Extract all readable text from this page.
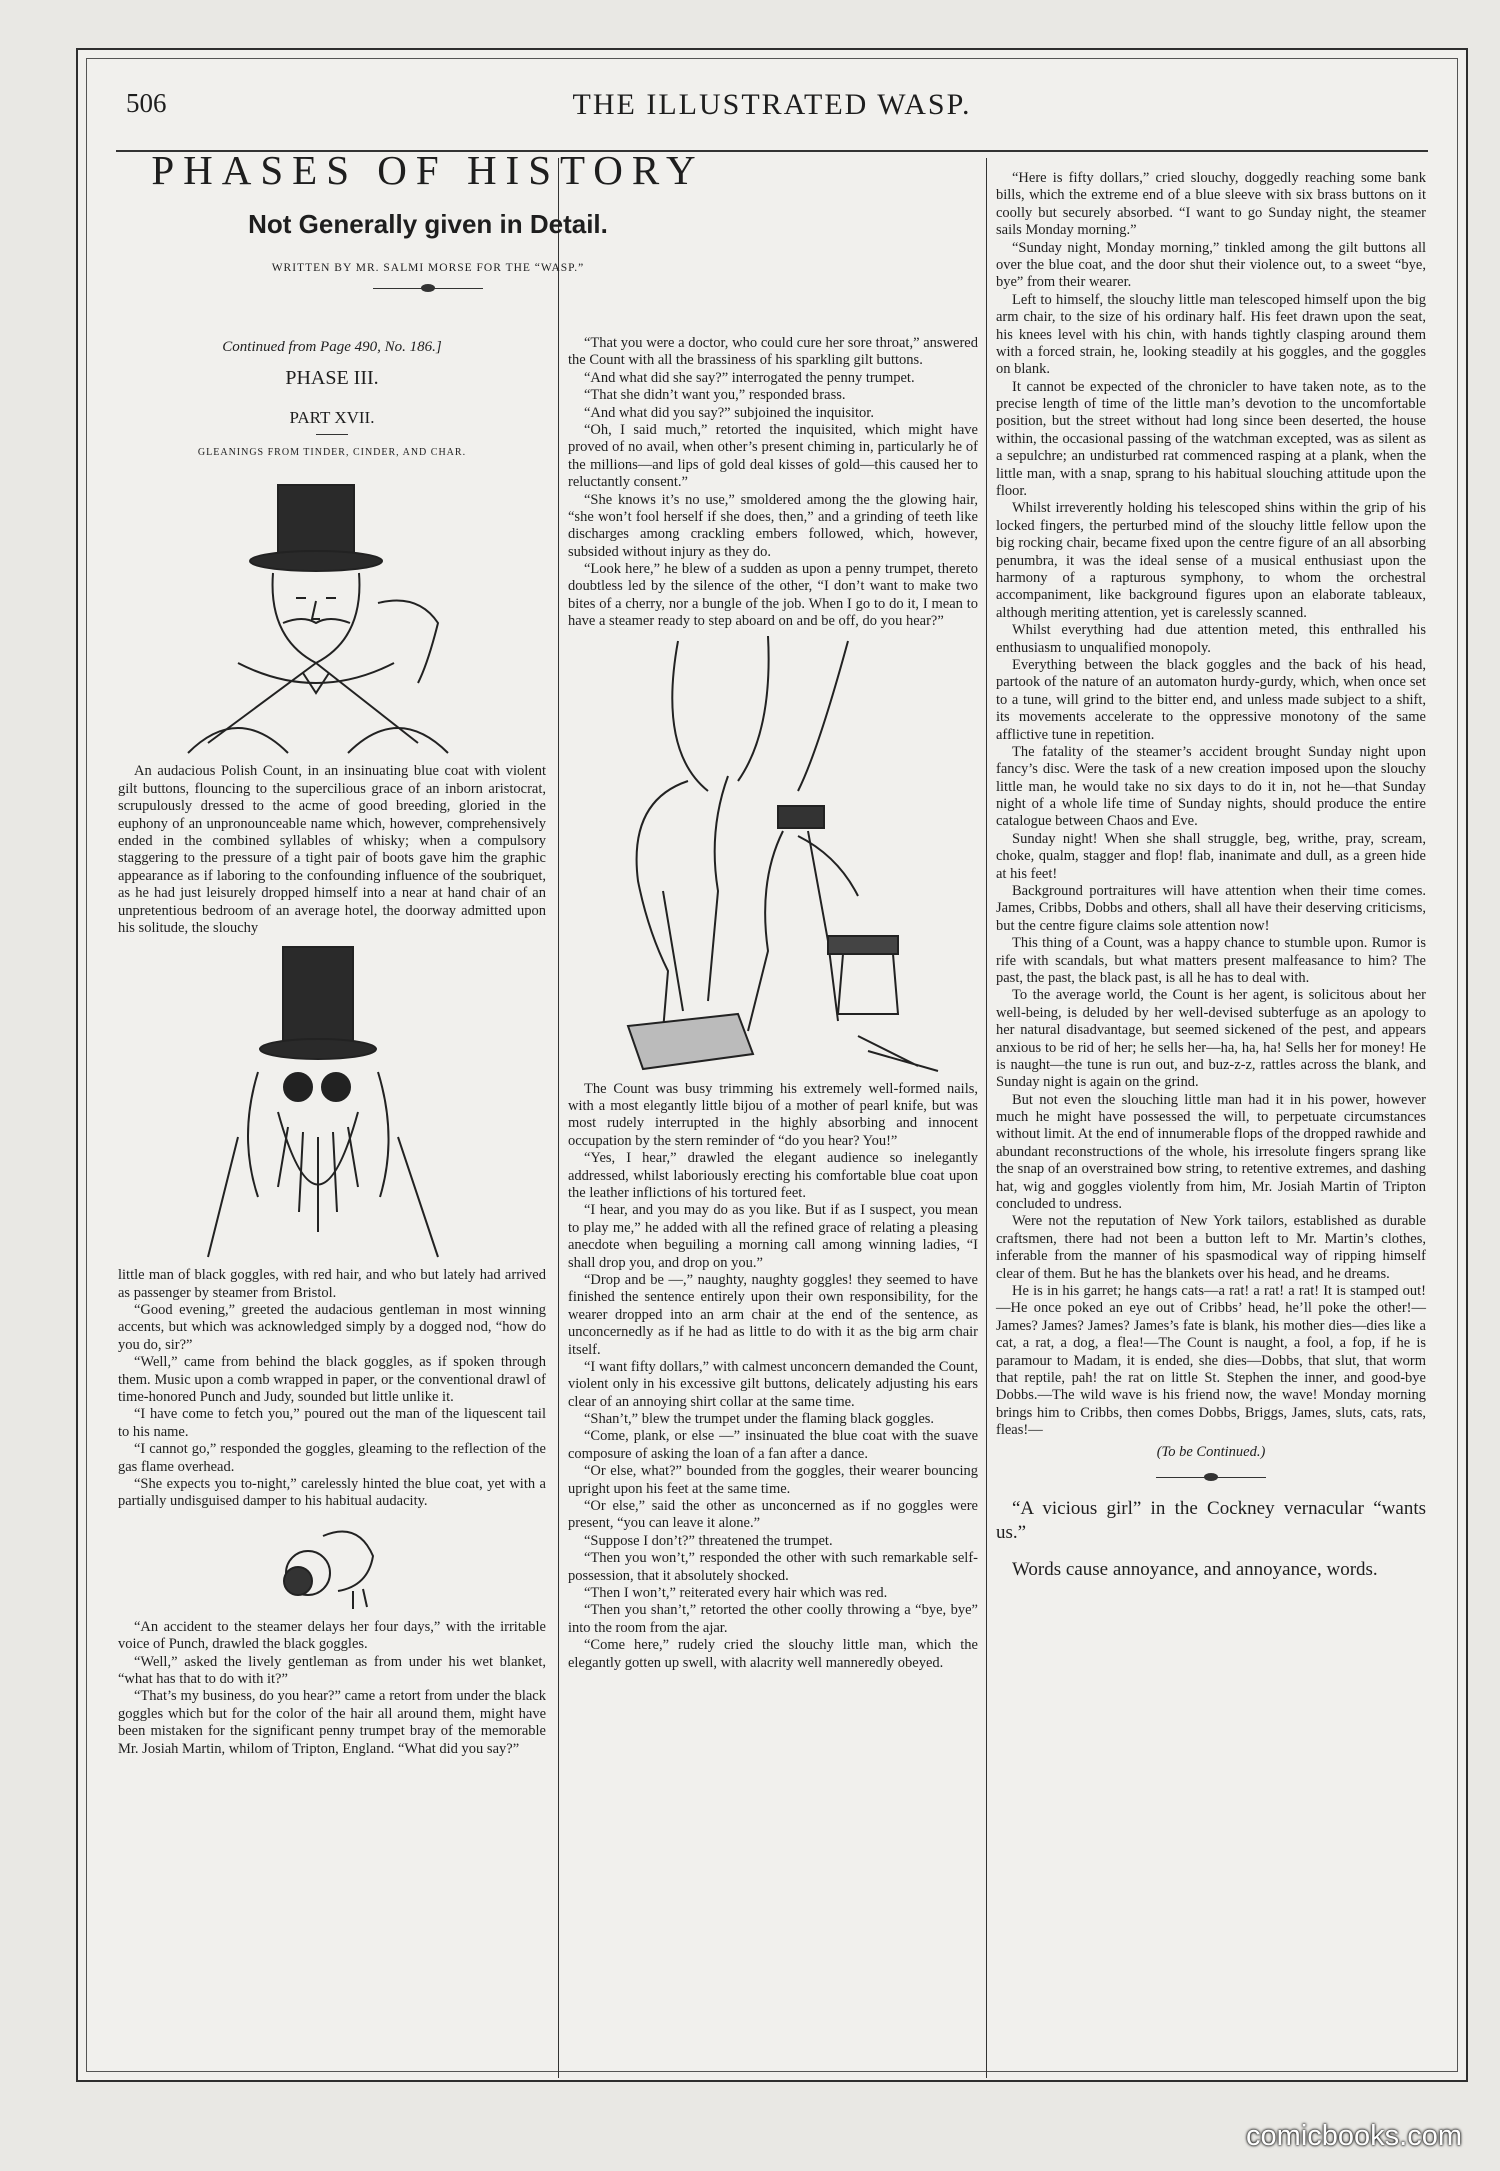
506	THE ILLUSTRATED WASP.
PHASES OF HISTORY
Not Generally given in Detail.
WRITTEN BY MR. SALMI MORSE FOR THE “WASP.”
Continued from Page 490, No. 186.]
PHASE III.
PART XVII.
GLEANINGS FROM TINDER, CINDER, AND CHAR.

An audacious Polish Count, in an insinuating blue coat with violent gilt buttons, flouncing to the supercilious grace of an inborn aristocrat, scrupulously dressed to the acme of good breeding, gloried in the euphony of an unpronounceable name which, however, comprehensively ended in the combined syllables of whisky; when a compulsory staggering to the pressure of a tight pair of boots gave him the graphic appearance as if laboring to the confounding influence of the soubriquet, as he had just leisurely dropped himself into a near at hand chair of an unpretentious bedroom of an average hotel, the doorway admitted upon his solitude, the slouchy

little man of black goggles, with red hair, and who but lately had arrived as passenger by steamer from Bristol.

“Good evening,” greeted the audacious gentleman in most winning accents, but which was acknowledged simply by a dogged nod, “how do you do, sir?”

“Well,” came from behind the black goggles, as if spoken through them. Music upon a comb wrapped in paper, or the conventional drawl of time-honored Punch and Judy, sounded but little unlike it.

“I have come to fetch you,” poured out the man of the liquescent tail to his name.

“I cannot go,” responded the goggles, gleaming to the reflection of the gas flame overhead.

“She expects you to-night,” carelessly hinted the blue coat, yet with a partially undisguised damper to his habitual audacity.

“An accident to the steamer delays her four days,” with the irritable voice of Punch, drawled the black goggles.

“Well,” asked the lively gentleman as from under his wet blanket, “what has that to do with it?”

“That’s my business, do you hear?” came a retort from under the black goggles which but for the color of the hair all around them, might have been mistaken for the significant penny trumpet bray of the memorable Mr. Josiah Martin, whilom of Tripton, England. “What did you say?”

“That you were a doctor, who could cure her sore throat,” answered the Count with all the brassiness of his sparkling gilt buttons.

“And what did she say?” interrogated the penny trumpet.

“That she didn’t want you,” responded brass.

“And what did you say?” subjoined the inquisitor.

“Oh, I said much,” retorted the inquisited, which might have proved of no avail, when other’s present chiming in, particularly he of the millions—and lips of gold deal kisses of gold—this caused her to reluctantly consent.”

“She knows it’s no use,” smoldered among the the glowing hair, “she won’t fool herself if she does, then,” and a grinding of teeth like discharges among crackling embers followed, which, however, subsided without injury as they do.

“Look here,” he blew of a sudden as upon a penny trumpet, thereto doubtless led by the silence of the other, “I don’t want to make two bites of a cherry, nor a bungle of the job. When I go to do it, I mean to have a steamer ready to step aboard on and be off, do you hear?”

The Count was busy trimming his extremely well-formed nails, with a most elegantly little bijou of a mother of pearl knife, but was most rudely interrupted in the highly absorbing and innocent occupation by the stern reminder of “do you hear? You!”

“Yes, I hear,” drawled the elegant audience so inelegantly addressed, whilst laboriously erecting his comfortable blue coat upon the leather inflictions of his tortured feet.

“I hear, and you may do as you like. But if as I suspect, you mean to play me,” he added with all the refined grace of relating a pleasing anecdote when beguiling a morning call among winning ladies, “I shall drop you, and drop on you.”

“Drop and be —,” naughty, naughty goggles! they seemed to have finished the sentence entirely upon their own responsibility, for the wearer dropped into an arm chair at the end of the sentence, as unconcernedly as if he had as little to do with it as the big arm chair itself.

“I want fifty dollars,” with calmest unconcern demanded the Count, violent only in his excessive gilt buttons, delicately adjusting his ears clear of an annoying shirt collar at the same time.

“Shan’t,” blew the trumpet under the flaming black goggles.

“Come, plank, or else —” insinuated the blue coat with the suave composure of asking the loan of a fan after a dance.

“Or else, what?” bounded from the goggles, their wearer bouncing upright upon his feet at the same time.

“Or else,” said the other as unconcerned as if no goggles were present, “you can leave it alone.”

“Suppose I don’t?” threatened the trumpet.

“Then you won’t,” responded the other with such remarkable self-possession, that it absolutely shocked.

“Then I won’t,” reiterated every hair which was red.

“Then you shan’t,” retorted the other coolly throwing a “bye, bye” into the room from the ajar.

“Come here,” rudely cried the slouchy little man, which the elegantly gotten up swell, with alacrity well manneredly obeyed.

“Here is fifty dollars,” cried slouchy, doggedly reaching some bank bills, which the extreme end of a blue sleeve with six brass buttons on it coolly but securely absorbed. “I want to go Sunday night, the steamer sails Monday morning.”

“Sunday night, Monday morning,” tinkled among the gilt buttons all over the blue coat, and the door shut their violence out, to a sweet “bye, bye” from their wearer.

Left to himself, the slouchy little man telescoped himself upon the big arm chair, to the size of his ordinary half. His feet drawn upon the seat, his knees level with his chin, with hands tightly clasping around them with a forced strain, he, looking steadily at his goggles, and the goggles on blank.

It cannot be expected of the chronicler to have taken note, as to the precise length of time of the little man’s devotion to the uncomfortable position, but the street without had long since been deserted, the house within, the occasional passing of the watchman excepted, was as silent as a sepulchre; an undisturbed rat commenced rasping at a plank, when the little man, with a snap, sprang to his habitual slouching attitude upon the floor.

Whilst irreverently holding his telescoped shins within the grip of his locked fingers, the perturbed mind of the slouchy little fellow upon the big rocking chair, became fixed upon the centre figure of an all absorbing penumbra, it was the ideal sense of a musical enthusiast upon the harmony of a rapturous symphony, to whom the orchestral accompaniment, like background figures upon an elaborate tableaux, although meriting attention, yet is carelessly scanned.

Whilst everything had due attention meted, this enthralled his enthusiasm to unqualified monopoly.

Everything between the black goggles and the back of his head, partook of the nature of an automaton hurdy-gurdy, which, when once set to a tune, will grind to the bitter end, and unless made subject to a shift, its movements accelerate to the oppressive monotony of the same afflictive tune in repetition.

The fatality of the steamer’s accident brought Sunday night upon fancy’s disc. Were the task of a new creation imposed upon the slouchy little man, he would take no six days to do it in, not he—that Sunday night of a whole life time of Sunday nights, should produce the entire catalogue between Chaos and Eve.

Sunday night! When she shall struggle, beg, writhe, pray, scream, choke, qualm, stagger and flop! flab, inanimate and dull, as a green hide at his feet!

Background portraitures will have attention when their time comes. James, Cribbs, Dobbs and others, shall all have their deserving criticisms, but the centre figure claims sole attention now!

This thing of a Count, was a happy chance to stumble upon. Rumor is rife with scandals, but what matters present malfeasance to him? The past, the past, the black past, is all he has to deal with.

To the average world, the Count is her agent, is solicitous about her well-being, is deluded by her well-devised subterfuge as an apology to her natural disadvantage, but seemed sickened of the pest, and appears anxious to be rid of her; he sells her—ha, ha, ha! Sells her for money! He is naught—the tune is run out, and buz-z-z, rattles across the blank, and Sunday night is again on the grind.

But not even the slouching little man had it in his power, however much he might have possessed the will, to perpetuate circumstances without limit. At the end of innumerable flops of the dropped rawhide and abundant reconstructions of the whole, his irresolute fingers sprang like the snap of an overstrained bow string, to retentive extremes, and dashing hat, wig and goggles violently from him, Mr. Josiah Martin of Tripton concluded to undress.

Were not the reputation of New York tailors, established as durable craftsmen, there had not been a button left to Mr. Martin’s clothes, inferable from the manner of his spasmodical way of ripping himself clear of them. But he has the blankets over his head, and he dreams.

He is in his garret; he hangs cats—a rat! a rat! a rat! It is stamped out!—He once poked an eye out of Cribbs’ head, he’ll poke the other!—James? James? James? James’s fate is blank, his mother dies—dies like a cat, a rat, a dog, a flea!—The Count is naught, a fool, a fop, if he is paramour to Madam, it is ended, she dies—Dobbs, that slut, that worm that reptile, pah! the rat on little St. Stephen the inner, and good-bye Dobbs.—The wild wave is his friend now, the wave! Monday morning brings him to Cribbs, then comes Dobbs, Briggs, James, sluts, cats, rats, fleas!—

(To be Continued.)

“A vicious girl” in the Cockney vernacular “wants us.”

Words cause annoyance, and annoyance, words.

comicbooks.com
